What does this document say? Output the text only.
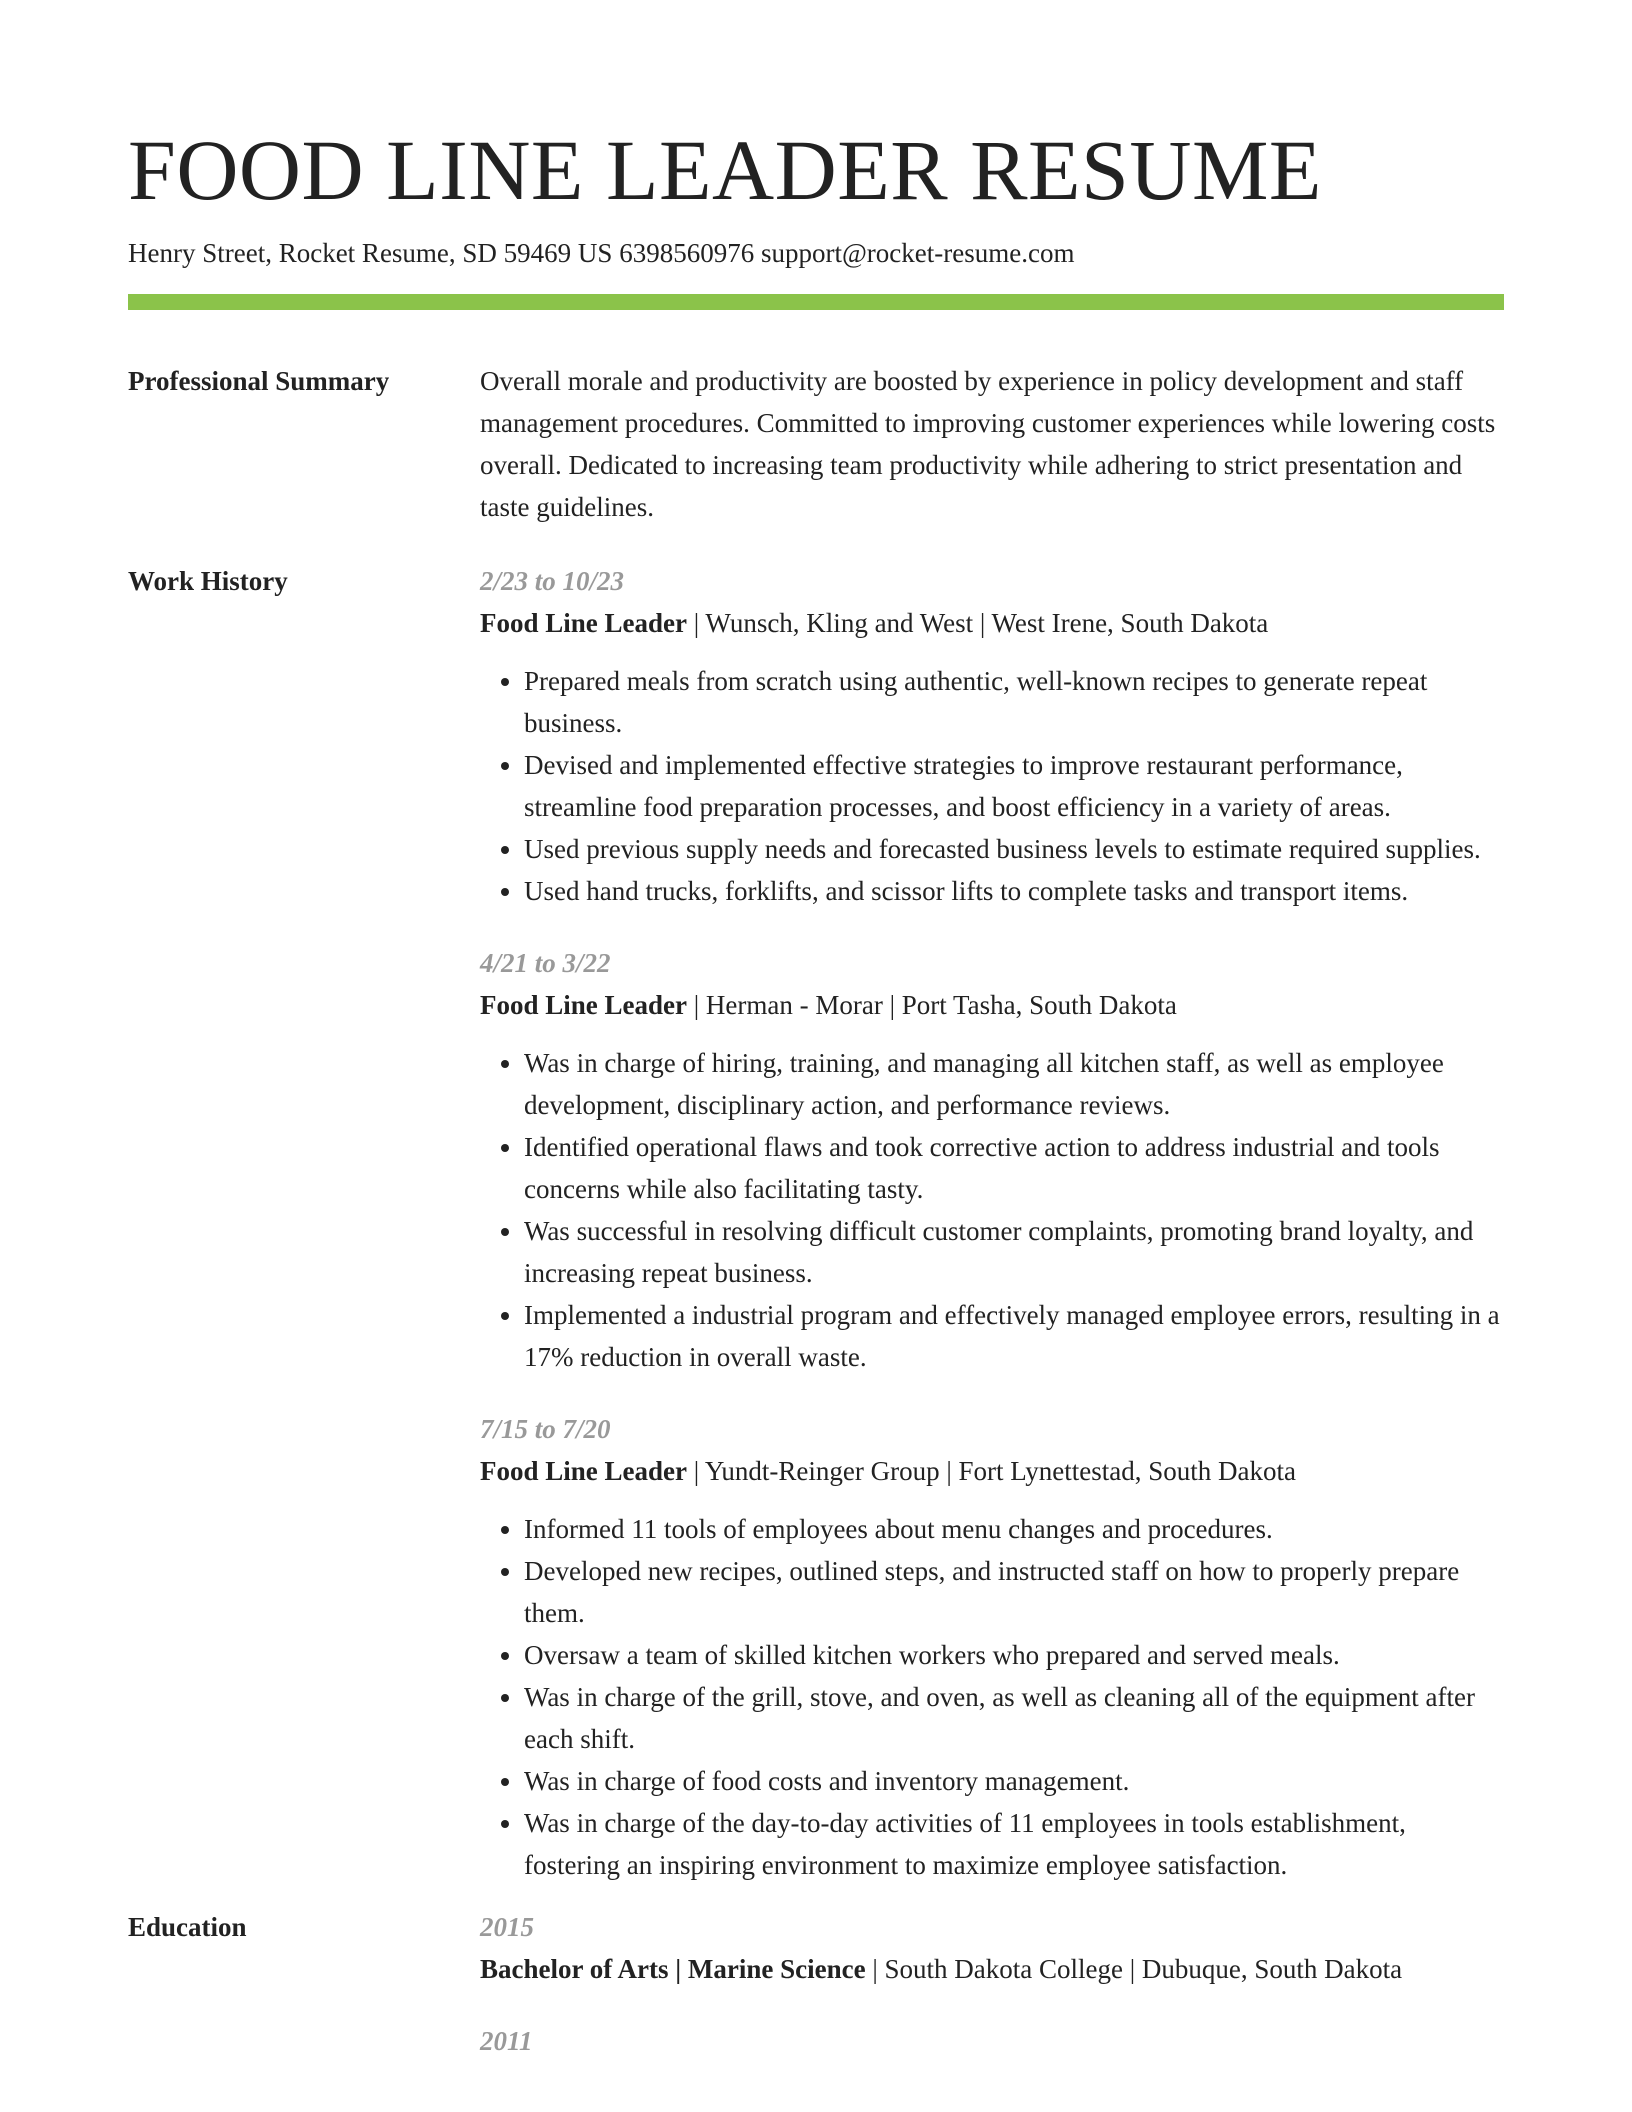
FOOD LINE LEADER RESUME
Henry Street, Rocket Resume, SD 59469 US 6398560976 support@rocket-resume.com
Professional Summary	Overall morale and productivity are boosted by experience in policy development and staff management procedures. Committed to improving customer experiences while lowering costs overall. Dedicated to increasing team productivity while adhering to strict presentation and taste guidelines.
Work History	2/23 to 10/23
Food Line Leader | Wunsch, Kling and West | West Irene, South Dakota
• Prepared meals from scratch using authentic, well-known recipes to generate repeat business.
• Devised and implemented effective strategies to improve restaurant performance, streamline food preparation processes, and boost efficiency in a variety of areas.
• Used previous supply needs and forecasted business levels to estimate required supplies.
• Used hand trucks, forklifts, and scissor lifts to complete tasks and transport items.
4/21 to 3/22
Food Line Leader | Herman - Morar | Port Tasha, South Dakota
• Was in charge of hiring, training, and managing all kitchen staff, as well as employee development, disciplinary action, and performance reviews.
• Identified operational flaws and took corrective action to address industrial and tools concerns while also facilitating tasty.
• Was successful in resolving difficult customer complaints, promoting brand loyalty, and increasing repeat business.
• Implemented a industrial program and effectively managed employee errors, resulting in a 17% reduction in overall waste.
7/15 to 7/20
Food Line Leader | Yundt-Reinger Group | Fort Lynettestad, South Dakota
• Informed 11 tools of employees about menu changes and procedures.
• Developed new recipes, outlined steps, and instructed staff on how to properly prepare them.
• Oversaw a team of skilled kitchen workers who prepared and served meals.
• Was in charge of the grill, stove, and oven, as well as cleaning all of the equipment after each shift.
• Was in charge of food costs and inventory management.
• Was in charge of the day-to-day activities of 11 employees in tools establishment, fostering an inspiring environment to maximize employee satisfaction.
Education	2015
Bachelor of Arts | Marine Science | South Dakota College | Dubuque, South Dakota
2011
